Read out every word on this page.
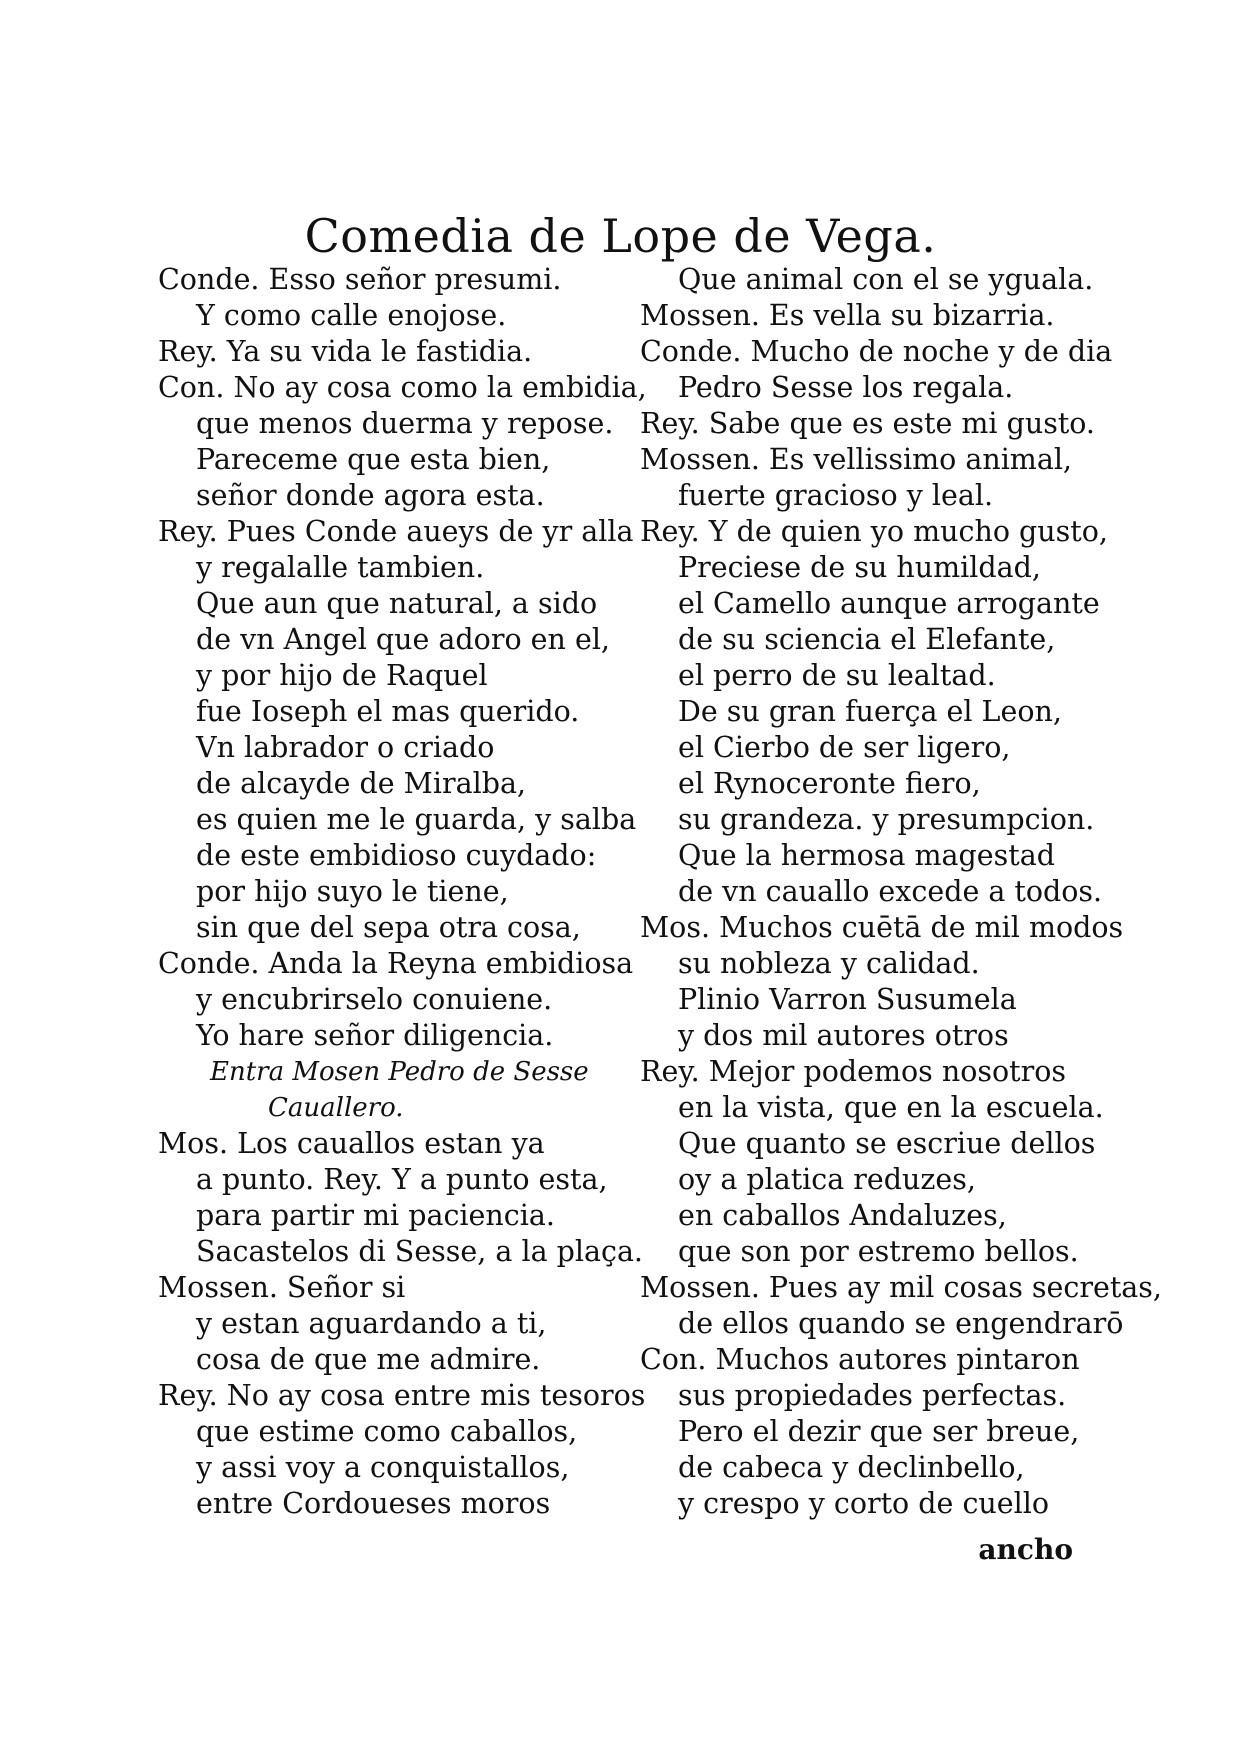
Comedia de Lope de Vega.
Conde. Esso señor presumi.
Y como calle enojose.
Rey. Ya su vida le fastidia.
Con. No ay cosa como la embidia,
que menos duerma y repose.
Pareceme que esta bien,
señor donde agora esta.
Rey. Pues Conde aueys de yr alla
y regalalle tambien.
Que aun que natural, a sido
de vn Angel que adoro en el,
y por hijo de Raquel
fue Ioseph el mas querido.
Vn labrador o criado
de alcayde de Miralba,
es quien me le guarda, y salba
de este embidioso cuydado:
por hijo suyo le tiene,
sin que del sepa otra cosa,
Conde. Anda la Reyna embidiosa
y encubrirselo conuiene.
Yo hare señor diligencia.
Entra Mosen Pedro de Sesse
Cauallero.
Mos. Los cauallos estan ya
a punto. Rey. Y a punto esta,
para partir mi paciencia.
Sacastelos di Sesse, a la plaça.
Mossen. Señor si
y estan aguardando a ti,
cosa de que me admire.
Rey. No ay cosa entre mis tesoros
que estime como caballos,
y assi voy a conquistallos,
entre Cordoueses moros
Que animal con el se yguala.
Mossen. Es vella su bizarria.
Conde. Mucho de noche y de dia
Pedro Sesse los regala.
Rey. Sabe que es este mi gusto.
Mossen. Es vellissimo animal,
fuerte gracioso y leal.
Rey. Y de quien yo mucho gusto,
Preciese de su humildad,
el Camello aunque arrogante
de su sciencia el Elefante,
el perro de su lealtad.
De su gran fuerça el Leon,
el Cierbo de ser ligero,
el Rynoceronte fiero,
su grandeza. y presumpcion.
Que la hermosa magestad
de vn cauallo excede a todos.
Mos. Muchos cuētā de mil modos
su nobleza y calidad.
Plinio Varron Susumela
y dos mil autores otros
Rey. Mejor podemos nosotros
en la vista, que en la escuela.
Que quanto se escriue dellos
oy a platica reduzes,
en caballos Andaluzes,
que son por estremo bellos.
Mossen. Pues ay mil cosas secretas,
de ellos quando se engendrarō
Con. Muchos autores pintaron
sus propiedades perfectas.
Pero el dezir que ser breue,
de cabeca y declinbello,
y crespo y corto de cuello
ancho
